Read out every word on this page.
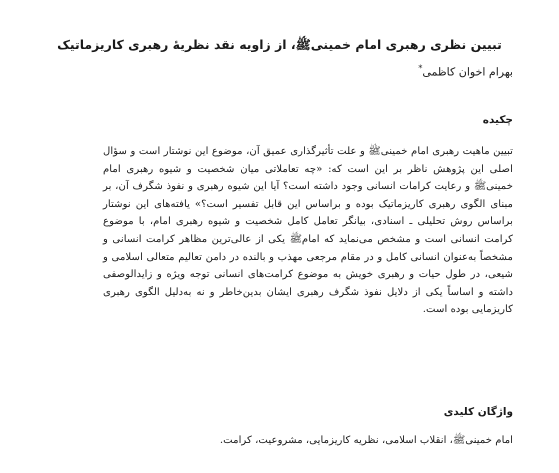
تبیین نظری رهبری امام خمینی‌ﷺ، از زاویه نقد نظریهٔ رهبری کاریزماتیک

بهرام اخوان کاظمی*

چکیده

تبیین ماهیت رهبری امام خمینی‌ﷺ و علت تأثیرگذاری عمیق آن، موضوع این نوشتار است و سؤال اصلی این پژوهش ناظر بر این است که: «چه تعاملاتی میان شخصیت و شیوه رهبری امام خمینی‌ﷺ و رعایت کرامات انسانی وجود داشته است؟ آیا این شیوه رهبری و نفوذ شگرف آن، بر مبنای الگوی رهبری کاریزماتیک بوده و براساس این قابل تفسیر است؟» یافته‌های این نوشتار براساس روش تحلیلی ـ اسنادی، بیانگر تعامل کامل شخصیت و شیوه رهبری امام، با موضوع کرامت انسانی است و مشخص می‌نماید که امامﷺ یکی از عالی‌ترین مظاهر کرامت انسانی و مشخصاً به‌عنوان انسانی کامل و در مقام مرجعی مهذب و بالنده در دامن تعالیم متعالی اسلامی و شیعی، در طول حیات و رهبری خویش به موضوع کرامت‌های انسانی توجه ویژه و زایدالوصفی داشته و اساساً یکی از دلایل نفوذ شگرف رهبری ایشان بدین‌خاطر و نه به‌دلیل الگوی رهبری کاریزمایی بوده است.

واژگان کلیدی

امام خمینی‌ﷺ، انقلاب اسلامی، نظریه کاریزمایی، مشروعیت، کرامت.
